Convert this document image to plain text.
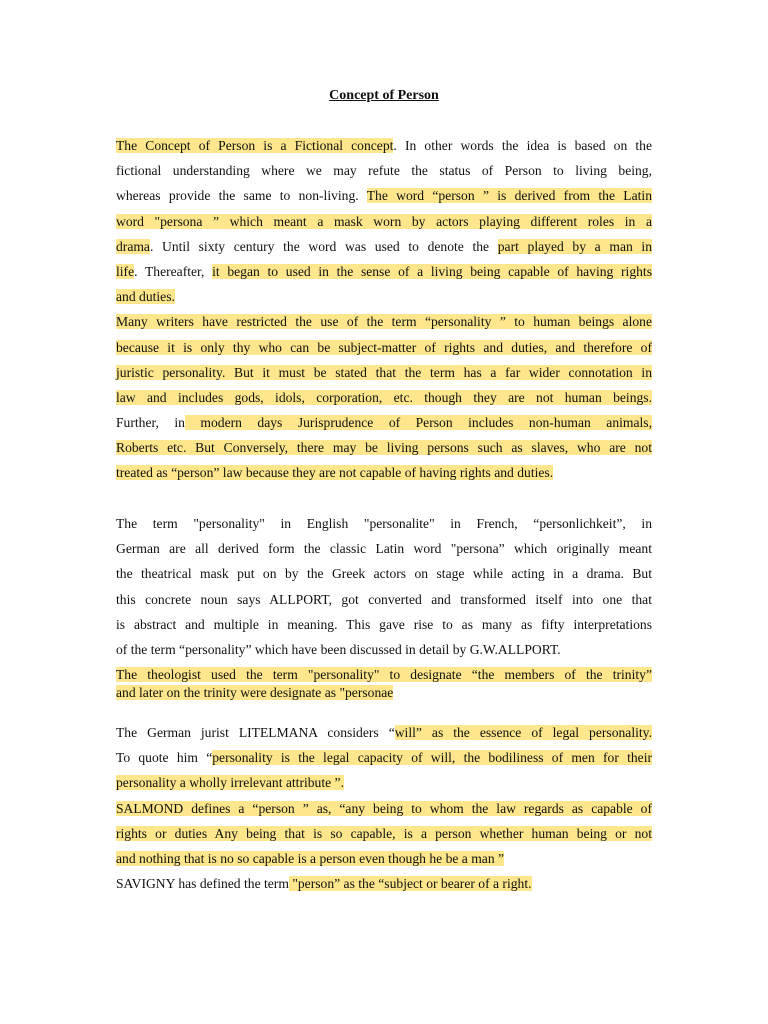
Concept of Person
The Concept of Person is a Fictional concept. In other words the idea is based on the
fictional understanding where we may refute the status of Person to living being,
whereas provide the same to non-living. The word “person ” is derived from the Latin
word "persona ” which meant a mask worn by actors playing different roles in a
drama. Until sixty century the word was used to denote the part played by a man in
life. Thereafter, it began to used in the sense of a living being capable of having rights
and duties.
Many writers have restricted the use of the term “personality ” to human beings alone
because it is only thy who can be subject-matter of rights and duties, and therefore of
juristic personality. But it must be stated that the term has a far wider connotation in
law and includes gods, idols, corporation, etc. though they are not human beings.
Further, in modern days Jurisprudence of Person includes non-human animals,
Roberts etc. But Conversely, there may be living persons such as slaves, who are not
treated as “person” law because they are not capable of having rights and duties.
The term "personality" in English "personalite" in French, “personlichkeit”, in
German are all derived form the classic Latin word "persona” which originally meant
the theatrical mask put on by the Greek actors on stage while acting in a drama. But
this concrete noun says ALLPORT, got converted and transformed itself into one that
is abstract and multiple in meaning. This gave rise to as many as fifty interpretations
of the term “personality” which have been discussed in detail by G.W.ALLPORT.
The theologist used the term "personality" to designate “the members of the trinity”
and later on the trinity were designate as "personae
The German jurist LITELMANA considers “will” as the essence of legal personality.
To quote him “personality is the legal capacity of will, the bodiliness of men for their
personality a wholly irrelevant attribute ”.
SALMOND defines a “person ” as, “any being to whom the law regards as capable of
rights or duties Any being that is so capable, is a person whether human being or not
and nothing that is no so capable is a person even though he be a man ”
SAVIGNY has defined the term "person” as the “subject or bearer of a right.
